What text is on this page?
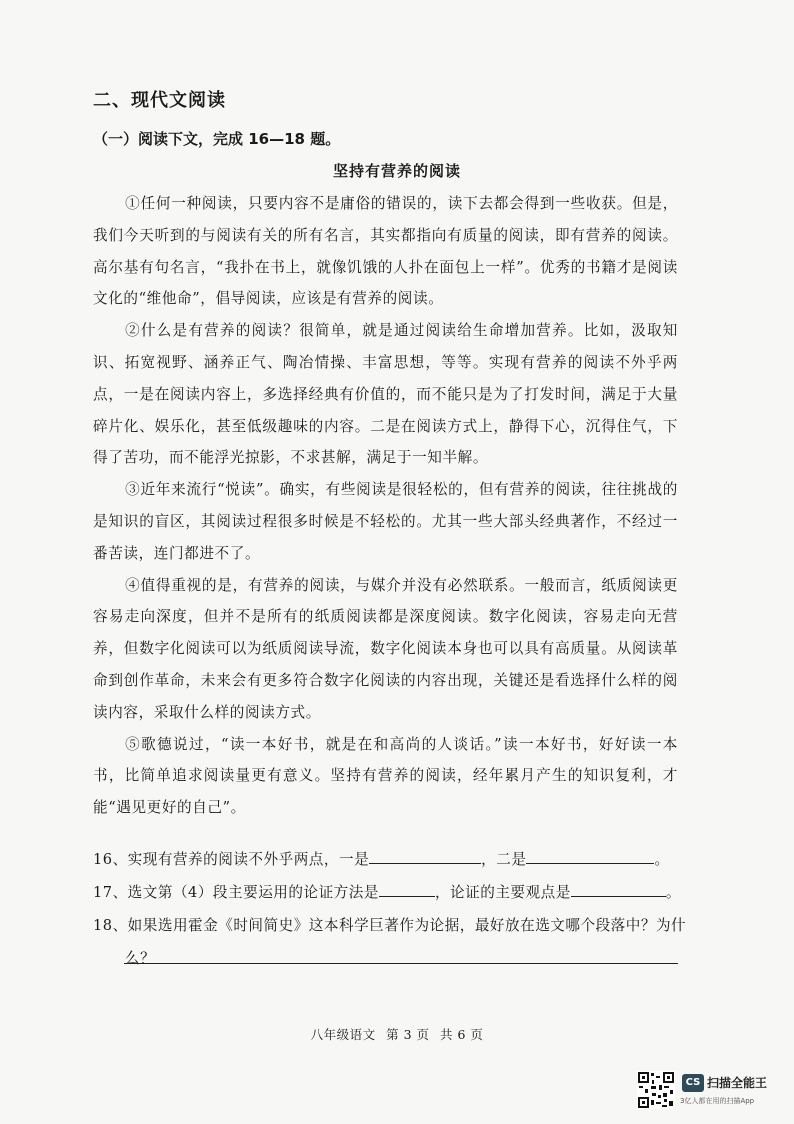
二、现代文阅读
（一）阅读下文，完成 16—18 题。
坚持有营养的阅读

①任何一种阅读，只要内容不是庸俗的错误的，读下去都会得到一些收获。但是，我们今天听到的与阅读有关的所有名言，其实都指向有质量的阅读，即有营养的阅读。高尔基有句名言，“我扑在书上，就像饥饿的人扑在面包上一样”。优秀的书籍才是阅读文化的“维他命”，倡导阅读，应该是有营养的阅读。

②什么是有营养的阅读？很简单，就是通过阅读给生命增加营养。比如，汲取知识、拓宽视野、涵养正气、陶冶情操、丰富思想，等等。实现有营养的阅读不外乎两点，一是在阅读内容上，多选择经典有价值的，而不能只是为了打发时间，满足于大量碎片化、娱乐化，甚至低级趣味的内容。二是在阅读方式上，静得下心，沉得住气，下得了苦功，而不能浮光掠影，不求甚解，满足于一知半解。

③近年来流行“悦读”。确实，有些阅读是很轻松的，但有营养的阅读，往往挑战的是知识的盲区，其阅读过程很多时候是不轻松的。尤其一些大部头经典著作，不经过一番苦读，连门都进不了。

④值得重视的是，有营养的阅读，与媒介并没有必然联系。一般而言，纸质阅读更容易走向深度，但并不是所有的纸质阅读都是深度阅读。数字化阅读，容易走向无营养，但数字化阅读可以为纸质阅读导流，数字化阅读本身也可以具有高质量。从阅读革命到创作革命，未来会有更多符合数字化阅读的内容出现，关键还是看选择什么样的阅读内容，采取什么样的阅读方式。

⑤歌德说过，“读一本好书，就是在和高尚的人谈话。”读一本好书，好好读一本书，比简单追求阅读量更有意义。坚持有营养的阅读，经年累月产生的知识复利，才能“遇见更好的自己”。

16、实现有营养的阅读不外乎两点，一是	，二是	。
17、选文第（4）段主要运用的论证方法是	，论证的主要观点是	。
18、如果选用霍金《时间简史》这本科学巨著作为论据，最好放在选文哪个段落中？为什
么？
八年级语文 第 3 页 共 6 页
CS 扫描全能王
3亿人都在用的扫描App
